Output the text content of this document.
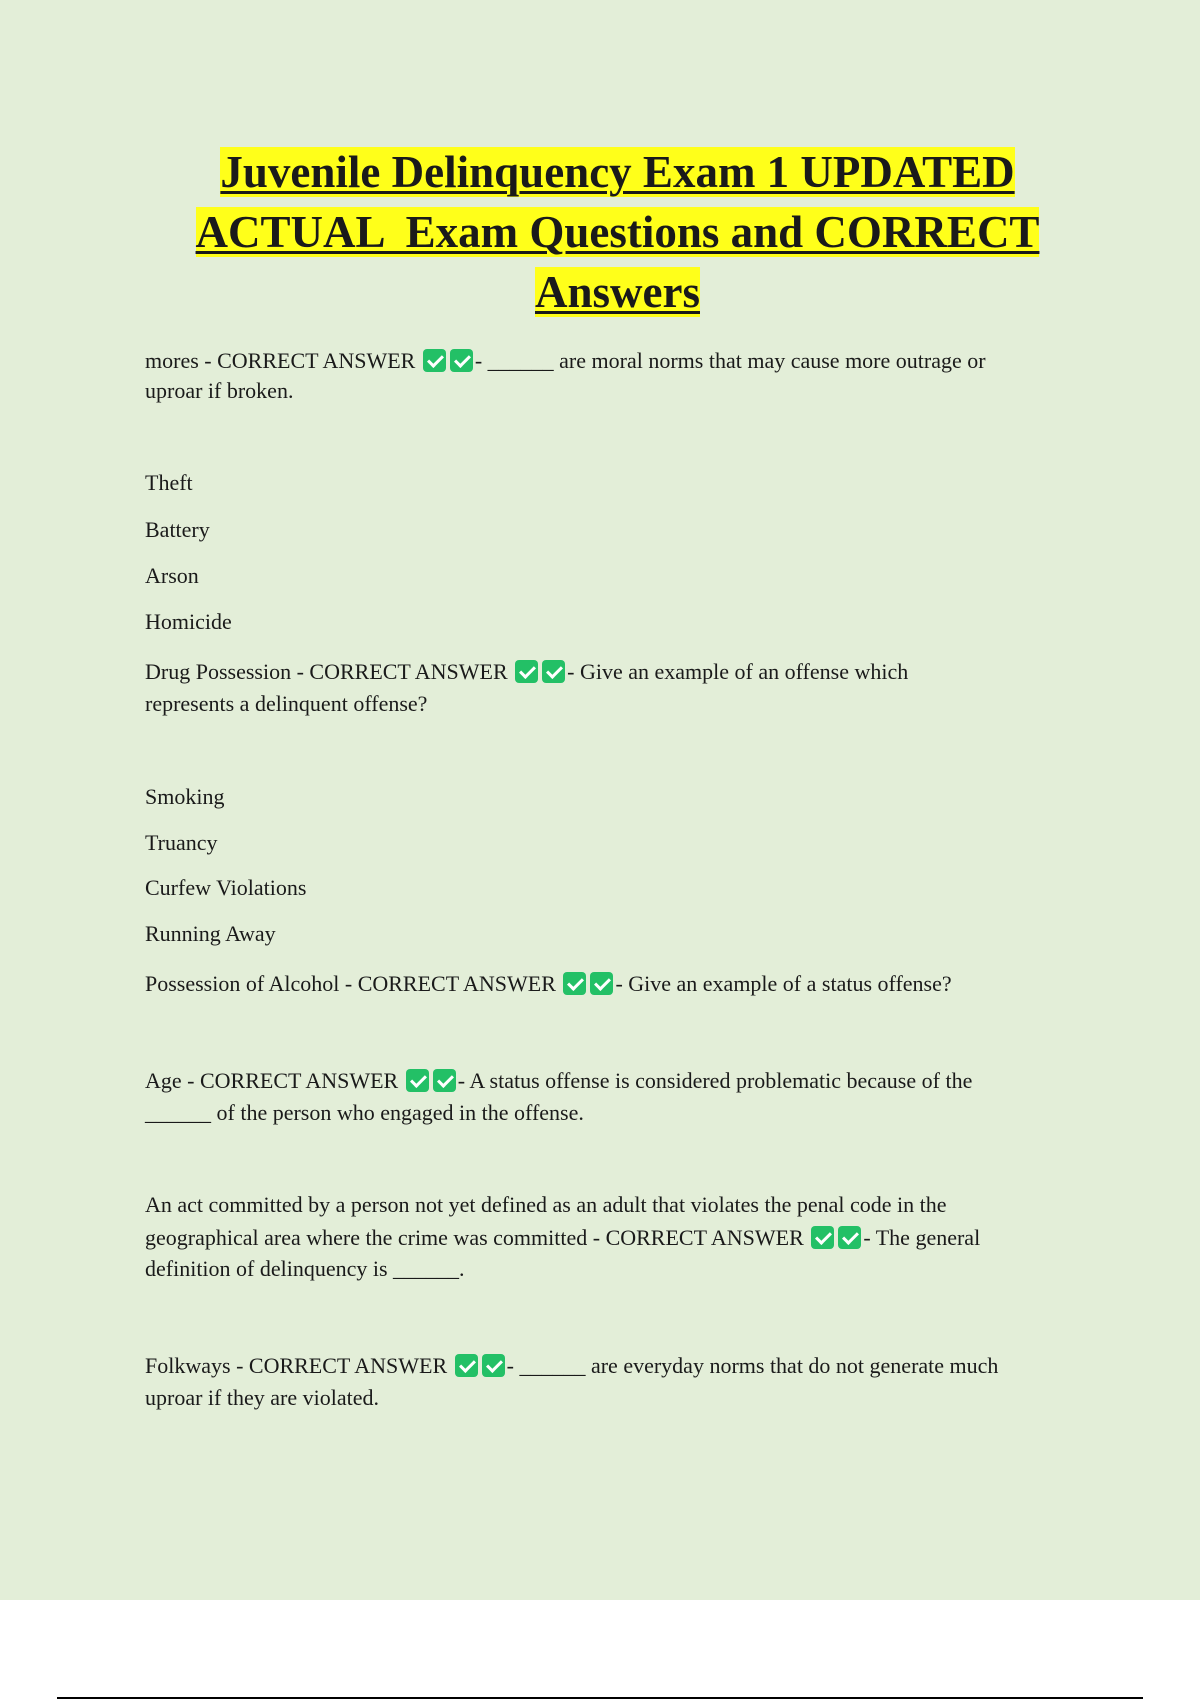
Juvenile Delinquency Exam 1 UPDATED
ACTUAL  Exam Questions and CORRECT
Answers

mores - CORRECT ANSWER	- ______ are moral norms that may cause more outrage or

uproar if broken.

Theft

Battery

Arson

Homicide

Drug Possession - CORRECT ANSWER	- Give an example of an offense which

represents a delinquent offense?

Smoking

Truancy

Curfew Violations

Running Away

Possession of Alcohol - CORRECT ANSWER	- Give an example of a status offense?

Age - CORRECT ANSWER	- A status offense is considered problematic because of the

______ of the person who engaged in the offense.

An act committed by a person not yet defined as an adult that violates the penal code in the

geographical area where the crime was committed - CORRECT ANSWER	- The general

definition of delinquency is ______.

Folkways - CORRECT ANSWER	- ______ are everyday norms that do not generate much

uproar if they are violated.
